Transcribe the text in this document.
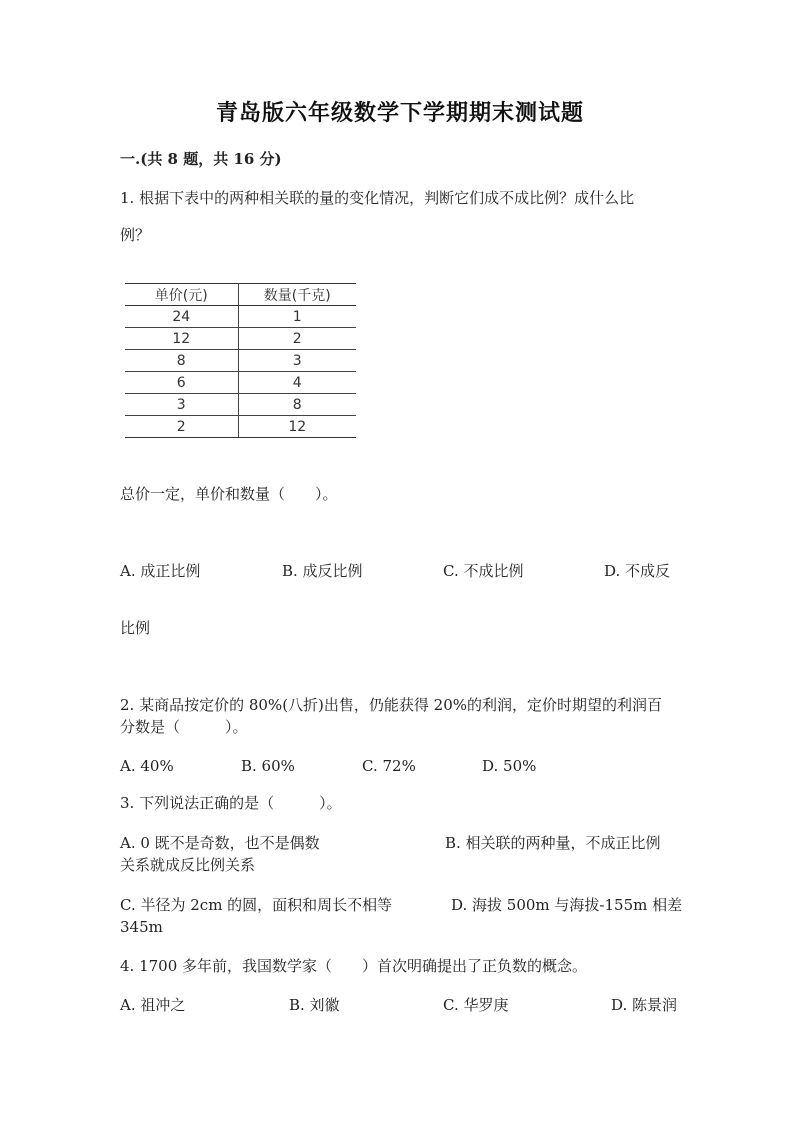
青岛版六年级数学下学期期末测试题
一.(共 8 题，共 16 分)
1. 根据下表中的两种相关联的量的变化情况，判断它们成不成比例？成什么比
例？
单价(元)	数量(千克)
24	1
12	2
8	3
6	4
3	8
2	12
总价一定，单价和数量（　　）。
A. 成正比例	B. 成反比例	C. 不成比例	D. 不成反
比例
2. 某商品按定价的 80%(八折)出售，仍能获得 20%的利润，定价时期望的利润百
分数是（　　　）。
A. 40%	B. 60%	C. 72%	D. 50%
3. 下列说法正确的是（　　　）。
A. 0 既不是奇数，也不是偶数	B. 相关联的两种量，不成正比例
关系就成反比例关系
C. 半径为 2cm 的圆，面积和周长不相等	D. 海拔 500m 与海拔-155m 相差
345m
4. 1700 多年前，我国数学家（　　）首次明确提出了正负数的概念。
A. 祖冲之	B. 刘徽	C. 华罗庚	D. 陈景润
